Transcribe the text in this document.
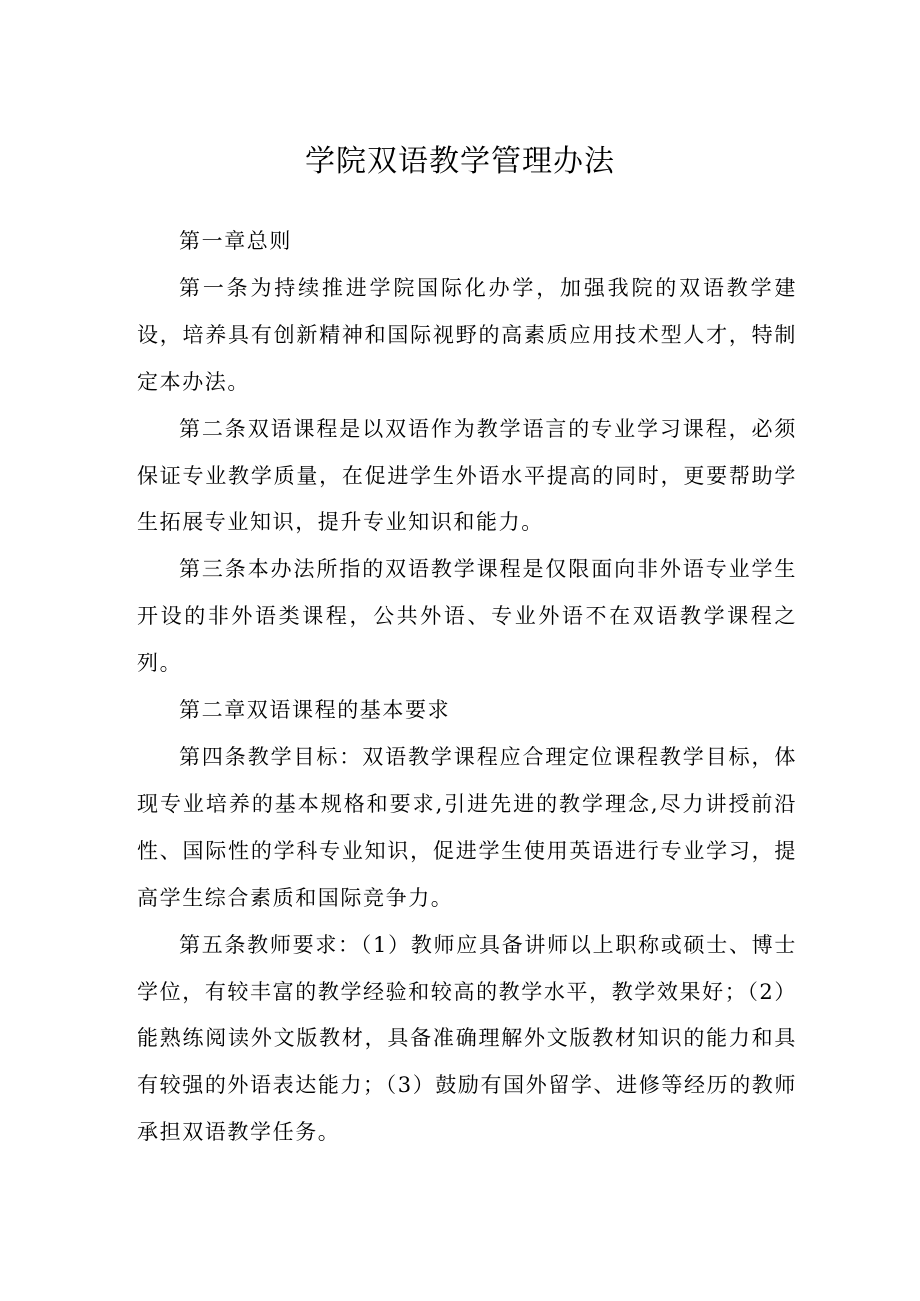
学院双语教学管理办法

第一章总则

第一条为持续推进学院国际化办学，加强我院的双语教学建设，培养具有创新精神和国际视野的高素质应用技术型人才，特制定本办法。

第二条双语课程是以双语作为教学语言的专业学习课程，必须保证专业教学质量，在促进学生外语水平提高的同时，更要帮助学生拓展专业知识，提升专业知识和能力。

第三条本办法所指的双语教学课程是仅限面向非外语专业学生开设的非外语类课程，公共外语、专业外语不在双语教学课程之列。

第二章双语课程的基本要求

第四条教学目标：双语教学课程应合理定位课程教学目标，体现专业培养的基本规格和要求,引进先进的教学理念,尽力讲授前沿性、国际性的学科专业知识，促进学生使用英语进行专业学习，提高学生综合素质和国际竞争力。

第五条教师要求：（1）教师应具备讲师以上职称或硕士、博士学位，有较丰富的教学经验和较高的教学水平，教学效果好；（2）能熟练阅读外文版教材，具备准确理解外文版教材知识的能力和具有较强的外语表达能力；（3）鼓励有国外留学、进修等经历的教师承担双语教学任务。
